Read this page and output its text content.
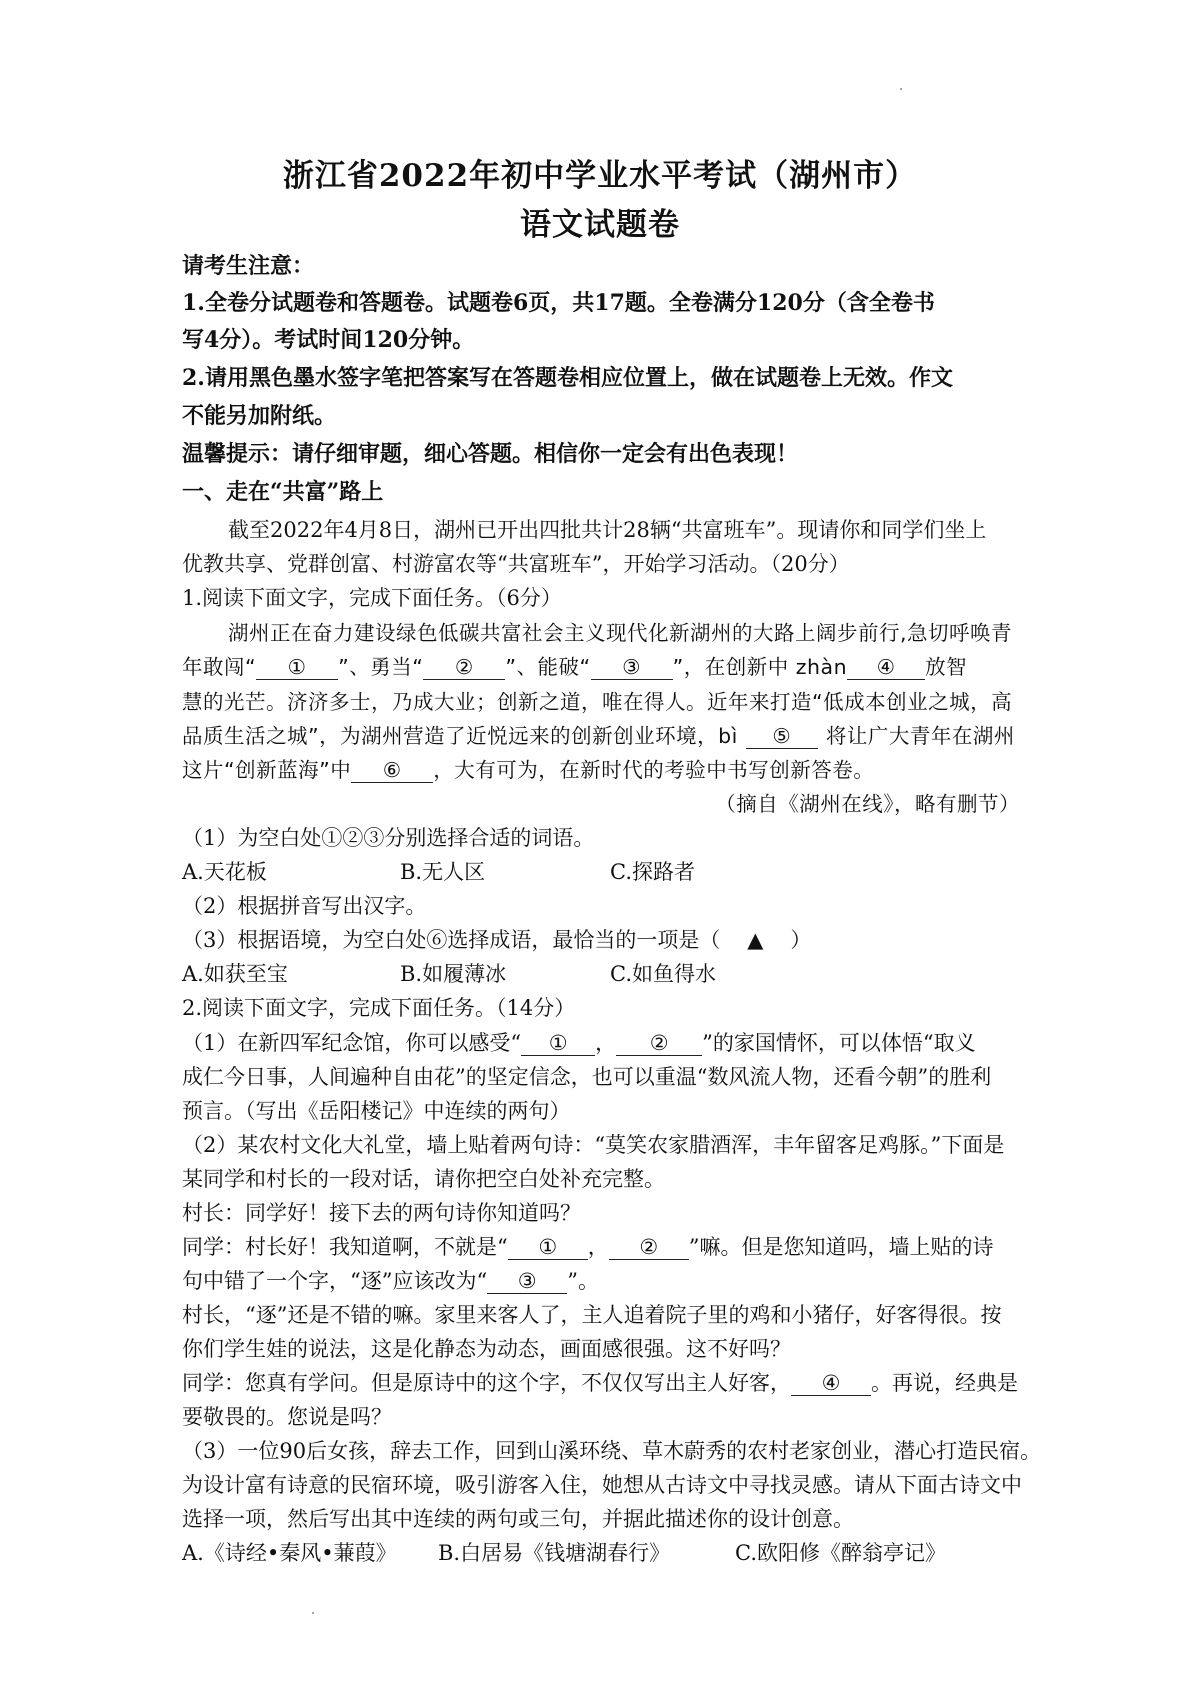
浙江省2022年初中学业水平考试（湖州市）
语文试题卷
请考生注意：
1.全卷分试题卷和答题卷。试题卷6页，共17题。全卷满分120分（含全卷书
写4分）。考试时间120分钟。
2.请用黑色墨水签字笔把答案写在答题卷相应位置上，做在试题卷上无效。作文
不能另加附纸。
温馨提示：请仔细审题，细心答题。相信你一定会有出色表现！
一、走在“共富”路上
截至2022年4月8日，湖州已开出四批共计28辆“共富班车”。现请你和同学们坐上
优教共享、党群创富、村游富农等“共富班车”，开始学习活动。（20分）
1.阅读下面文字，完成下面任务。（6分）
湖州正在奋力建设绿色低碳共富社会主义现代化新湖州的大路上阔步前行,急切呼唤青
年敢闯“ ① ”、勇当“ ② ”、能破“ ③ ”，在创新中 zhàn ④ 放智
慧的光芒。济济多士，乃成大业；创新之道，唯在得人。近年来打造“低成本创业之城，高
品质生活之城”，为湖州营造了近悦远来的创新创业环境，bì ⑤ 将让广大青年在湖州
这片“创新蓝海”中 ⑥ ，大有可为，在新时代的考验中书写创新答卷。
（摘自《湖州在线》，略有删节）
（1）为空白处①②③分别选择合适的词语。
A.天花板	B.无人区	C.探路者
（2）根据拼音写出汉字。
（3）根据语境，为空白处⑥选择成语，最恰当的一项是（ ▲ ）
A.如获至宝	B.如履薄冰	C.如鱼得水
2.阅读下面文字，完成下面任务。（14分）
（1）在新四军纪念馆，你可以感受“ ① ， ② ”的家国情怀，可以体悟“取义
成仁今日事，人间遍种自由花”的坚定信念，也可以重温“数风流人物，还看今朝”的胜利
预言。（写出《岳阳楼记》中连续的两句）
（2）某农村文化大礼堂，墙上贴着两句诗：“莫笑农家腊酒浑，丰年留客足鸡豚。”下面是
某同学和村长的一段对话，请你把空白处补充完整。
村长：同学好！接下去的两句诗你知道吗？
同学：村长好！我知道啊，不就是“ ① ， ② ”嘛。但是您知道吗，墙上贴的诗
句中错了一个字，“逐”应该改为“ ③ ”。
村长，“逐”还是不错的嘛。家里来客人了，主人追着院子里的鸡和小猪仔，好客得很。按
你们学生娃的说法，这是化静态为动态，画面感很强。这不好吗？
同学：您真有学问。但是原诗中的这个字，不仅仅写出主人好客， ④ 。再说，经典是
要敬畏的。您说是吗？
（3）一位90后女孩，辞去工作，回到山溪环绕、草木蔚秀的农村老家创业，潜心打造民宿。
为设计富有诗意的民宿环境，吸引游客入住，她想从古诗文中寻找灵感。请从下面古诗文中
选择一项，然后写出其中连续的两句或三句，并据此描述你的设计创意。
A.《诗经•秦风•蒹葭》 B.白居易《钱塘湖春行》	C.欧阳修《醉翁亭记》
